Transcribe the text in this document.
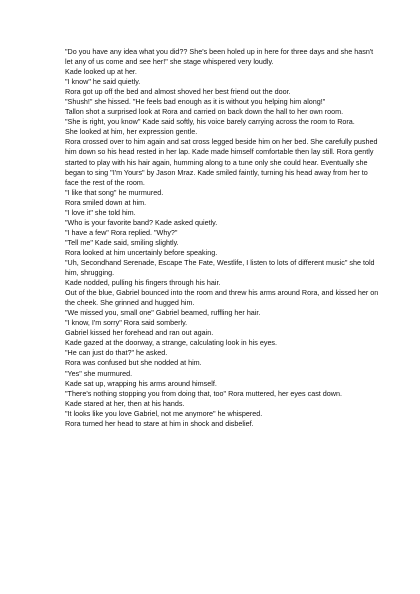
"Do you have any idea what you did?? She's been holed up in here for three days and she hasn't let any of us come and see her!" she stage whispered very loudly.

Kade looked up at her.

"I know" he said quietly.

Rora got up off the bed and almost shoved her best friend out the door.

"Shush!" she hissed. "He feels bad enough as it is without you helping him along!"

Tallon shot a surprised look at Rora and carried on back down the hall to her own room.

"She is right, you know" Kade said softly, his voice barely carrying across the room to Rora.

She looked at him, her expression gentle.

Rora crossed over to him again and sat cross legged beside him on her bed. She carefully pushed him down so his head rested in her lap. Kade made himself comfortable then lay still. Rora gently started to play with his hair again, humming along to a tune only she could hear. Eventually she began to sing "I'm Yours" by Jason Mraz. Kade smiled faintly, turning his head away from her to face the rest of the room.

"I like that song" he murmured.

Rora smiled down at him.

"I love it" she told him.

"Who is your favorite band? Kade asked quietly.

"I have a few" Rora replied. "Why?"

"Tell me" Kade said, smiling slightly.

Rora looked at him uncertainly before speaking.

"Uh, Secondhand Serenade, Escape The Fate, Westlife, I listen to lots of different music" she told him, shrugging.

Kade nodded, pulling his fingers through his hair.

Out of the blue, Gabriel bounced into the room and threw his arms around Rora, and kissed her on the cheek. She grinned and hugged him.

"We missed you, small one" Gabriel beamed, ruffling her hair.

"I know, I'm sorry" Rora said somberly.

Gabriel kissed her forehead and ran out again.

Kade gazed at the doorway, a strange, calculating look in his eyes.

"He can just do that?" he asked.

Rora was confused but she nodded at him.

"Yes" she murmured.

Kade sat up, wrapping his arms around himself.

"There's nothing stopping you from doing that, too" Rora muttered, her eyes cast down.

Kade stared at her, then at his hands.

"It looks like you love Gabriel, not me anymore" he whispered.

Rora turned her head to stare at him in shock and disbelief.
